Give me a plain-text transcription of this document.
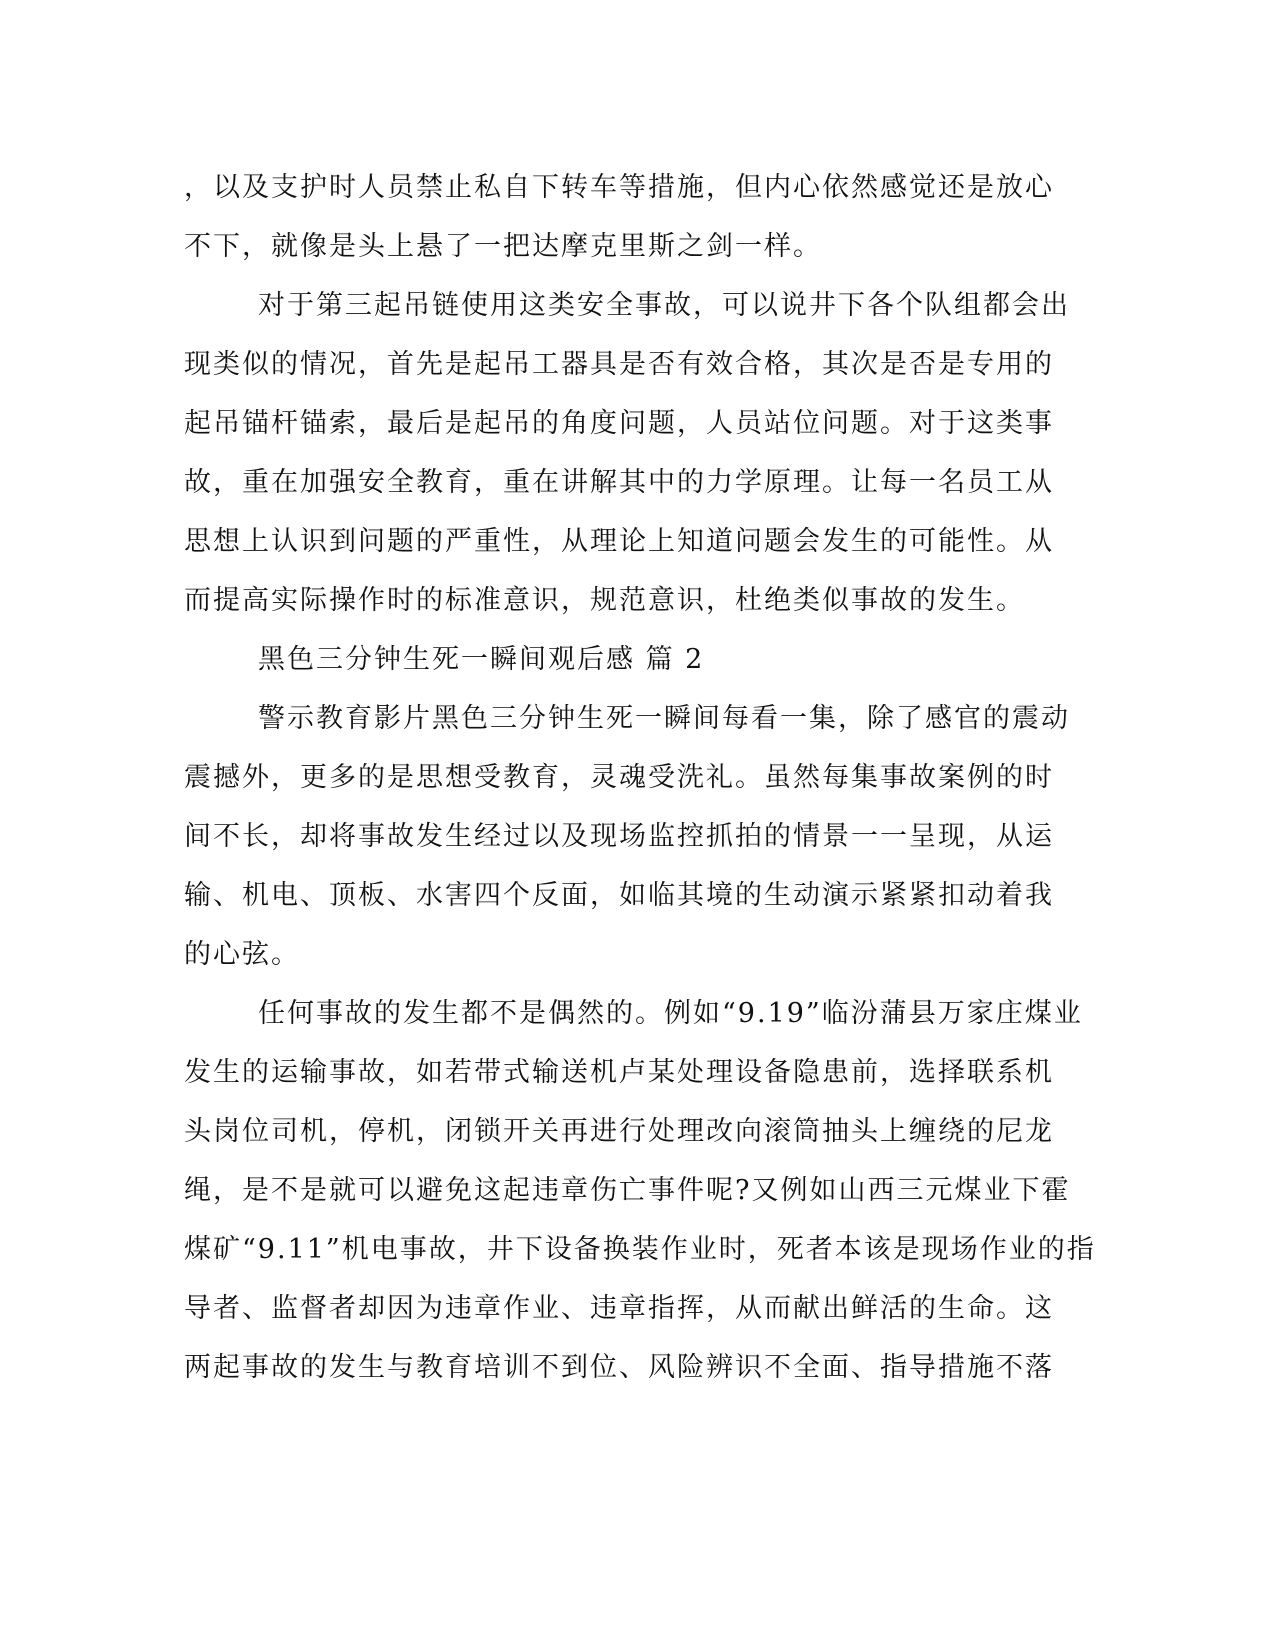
，以及支护时人员禁止私自下转车等措施，但内心依然感觉还是放心
不下，就像是头上悬了一把达摩克里斯之剑一样。
对于第三起吊链使用这类安全事故，可以说井下各个队组都会出
现类似的情况，首先是起吊工器具是否有效合格，其次是否是专用的
起吊锚杆锚索，最后是起吊的角度问题，人员站位问题。对于这类事
故，重在加强安全教育，重在讲解其中的力学原理。让每一名员工从
思想上认识到问题的严重性，从理论上知道问题会发生的可能性。从
而提高实际操作时的标准意识，规范意识，杜绝类似事故的发生。
黑色三分钟生死一瞬间观后感 篇 2
警示教育影片黑色三分钟生死一瞬间每看一集，除了感官的震动
震撼外，更多的是思想受教育，灵魂受洗礼。虽然每集事故案例的时
间不长，却将事故发生经过以及现场监控抓拍的情景一一呈现，从运
输、机电、顶板、水害四个反面，如临其境的生动演示紧紧扣动着我
的心弦。
任何事故的发生都不是偶然的。例如“9.19”临汾蒲县万家庄煤业
发生的运输事故，如若带式输送机卢某处理设备隐患前，选择联系机
头岗位司机，停机，闭锁开关再进行处理改向滚筒抽头上缠绕的尼龙
绳，是不是就可以避免这起违章伤亡事件呢?又例如山西三元煤业下霍
煤矿“9.11”机电事故，井下设备换装作业时，死者本该是现场作业的指
导者、监督者却因为违章作业、违章指挥，从而献出鲜活的生命。这
两起事故的发生与教育培训不到位、风险辨识不全面、指导措施不落
